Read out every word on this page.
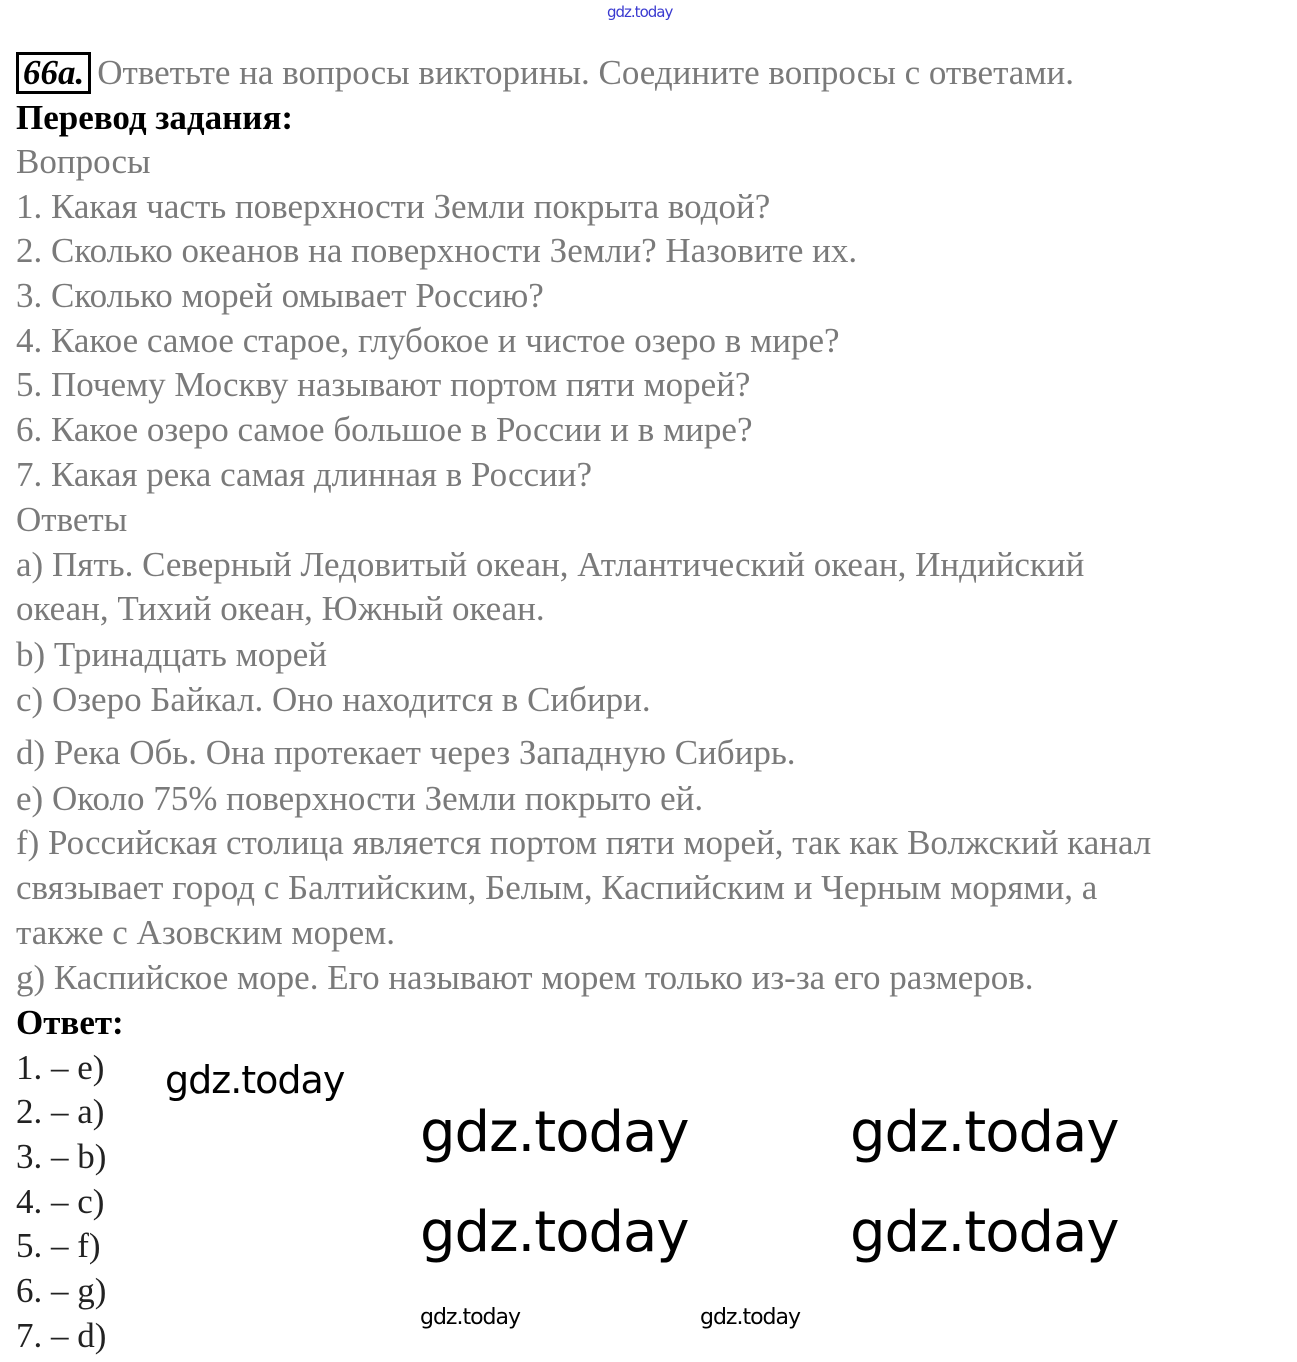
gdz.today
66a. Ответьте на вопросы викторины. Соедините вопросы с ответами.
Перевод задания:
Вопросы
1. Какая часть поверхности Земли покрыта водой?
2. Сколько океанов на поверхности Земли? Назовите их.
3. Сколько морей омывает Россию?
4. Какое самое старое, глубокое и чистое озеро в мире?
5. Почему Москву называют портом пяти морей?
6. Какое озеро самое большое в России и в мире?
7. Какая река самая длинная в России?
Ответы
a) Пять. Северный Ледовитый океан, Атлантический океан, Индийский
океан, Тихий океан, Южный океан.
b) Тринадцать морей
c) Озеро Байкал. Оно находится в Сибири.
d) Река Обь. Она протекает через Западную Сибирь.
e) Около 75% поверхности Земли покрыто ей.
f) Российская столица является портом пяти морей, так как Волжский канал
связывает город с Балтийским, Белым, Каспийским и Черным морями, а
также с Азовским морем.
g) Каспийское море. Его называют морем только из-за его размеров.
Ответ:
1. – e)
2. – a)
3. – b)
4. – c)
5. – f)
6. – g)
7. – d)
gdz.today
gdz.today	gdz.today
gdz.today	gdz.today
gdz.today	gdz.today
